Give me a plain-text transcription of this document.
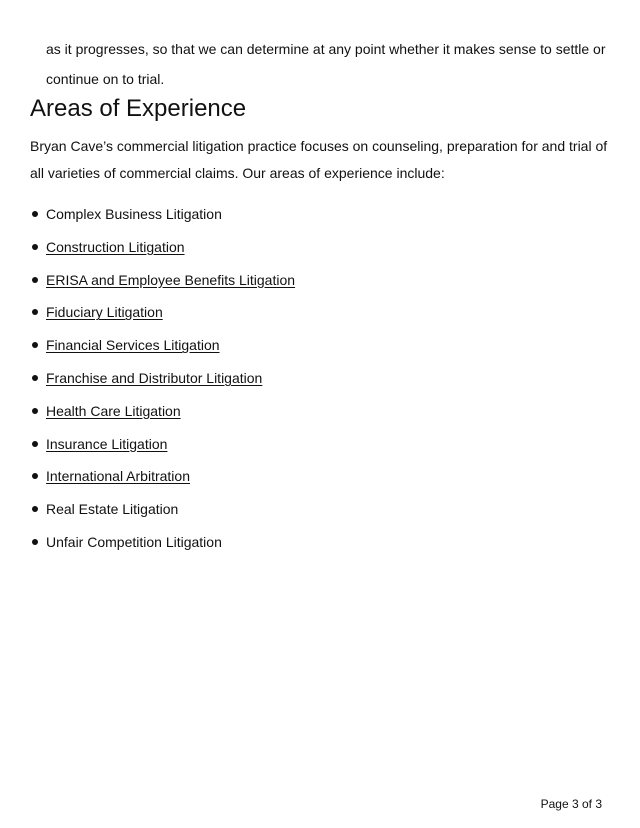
as it progresses, so that we can determine at any point whether it makes sense to settle or continue on to trial.

Areas of Experience

Bryan Cave’s commercial litigation practice focuses on counseling, preparation for and trial of all varieties of commercial claims. Our areas of experience include:

Complex Business Litigation
Construction Litigation
ERISA and Employee Benefits Litigation
Fiduciary Litigation
Financial Services Litigation
Franchise and Distributor Litigation
Health Care Litigation
Insurance Litigation
International Arbitration
Real Estate Litigation
Unfair Competition Litigation
Page 3 of 3
